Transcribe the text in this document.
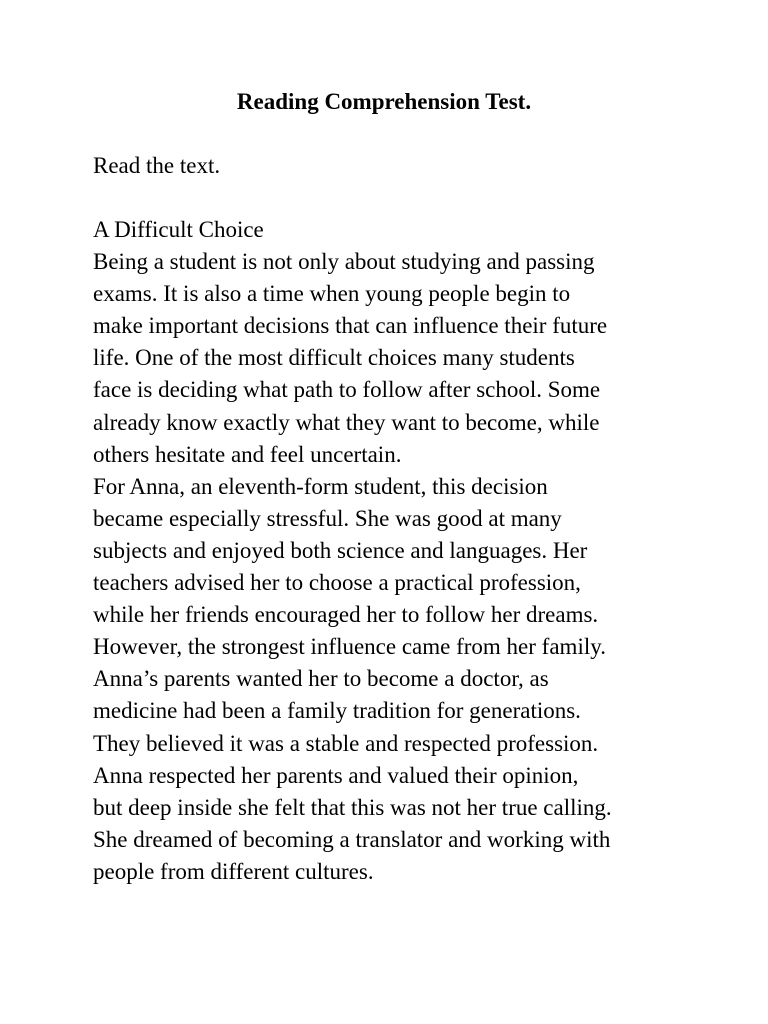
Reading Comprehension Test.

Read the text.

A Difficult Choice
Being a student is not only about studying and passing
exams. It is also a time when young people begin to
make important decisions that can influence their future
life. One of the most difficult choices many students
face is deciding what path to follow after school. Some
already know exactly what they want to become, while
others hesitate and feel uncertain.
For Anna, an eleventh-form student, this decision
became especially stressful. She was good at many
subjects and enjoyed both science and languages. Her
teachers advised her to choose a practical profession,
while her friends encouraged her to follow her dreams.
However, the strongest influence came from her family.
Anna’s parents wanted her to become a doctor, as
medicine had been a family tradition for generations.
They believed it was a stable and respected profession.
Anna respected her parents and valued their opinion,
but deep inside she felt that this was not her true calling.
She dreamed of becoming a translator and working with
people from different cultures.
